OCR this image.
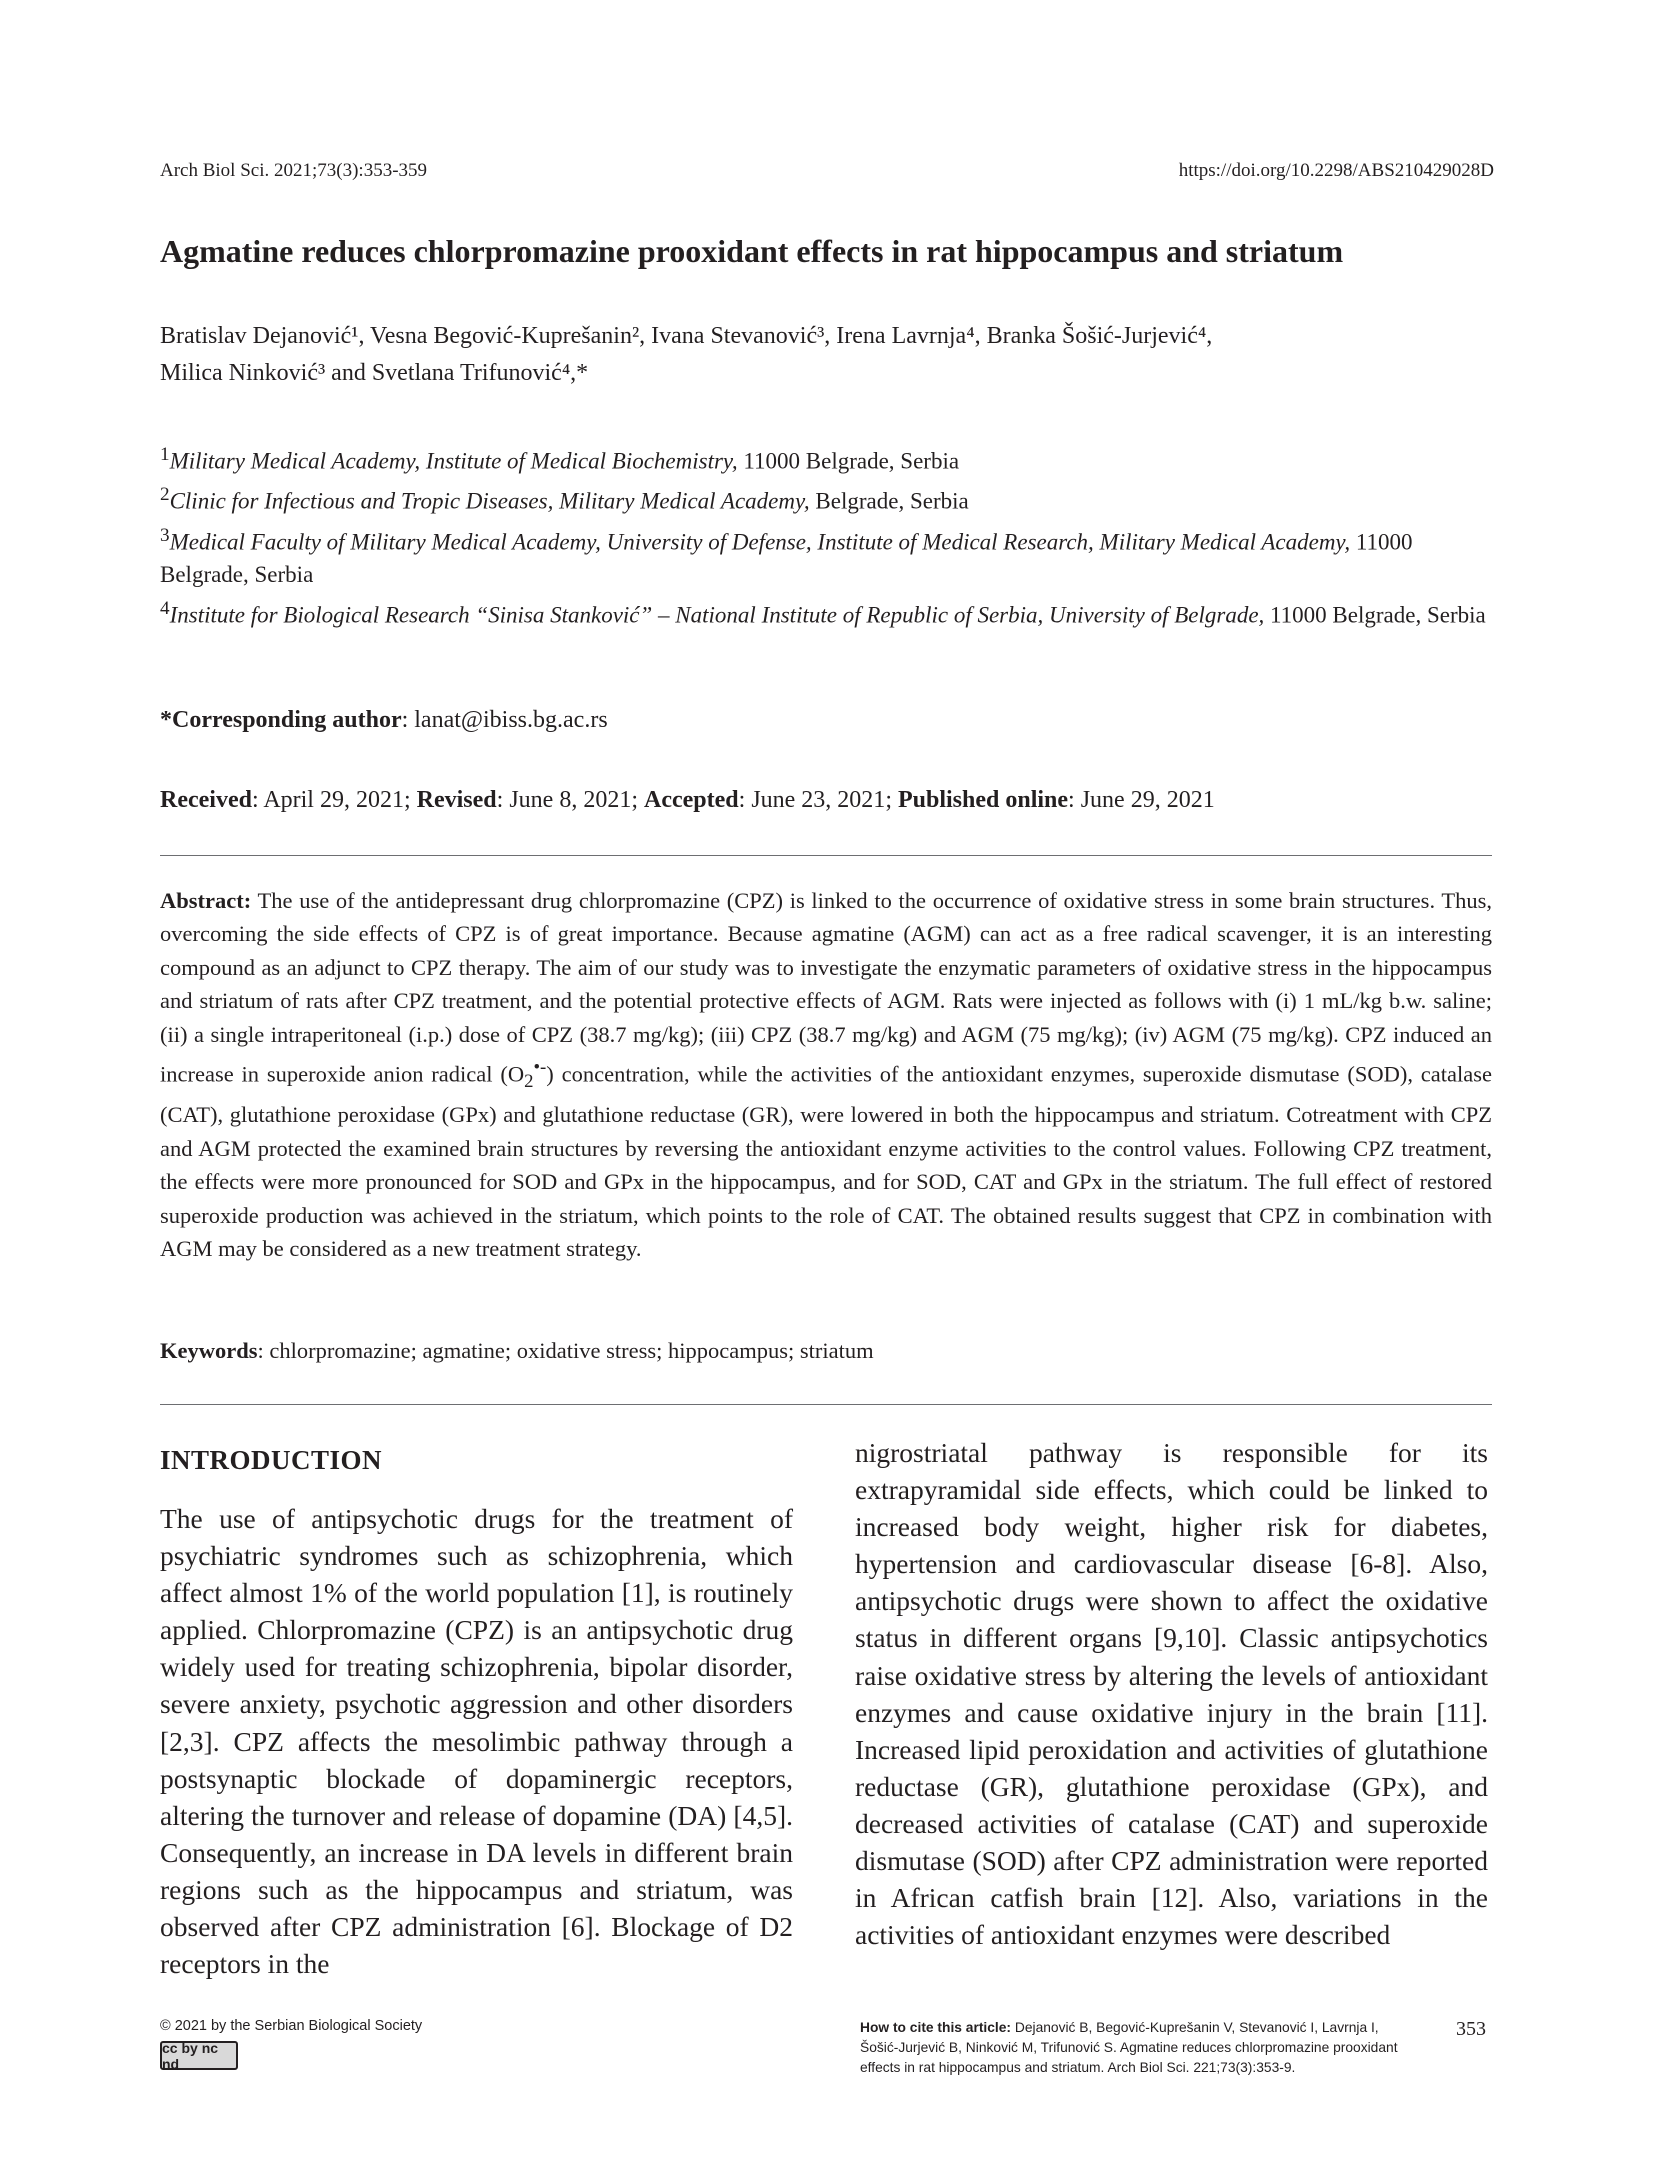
Arch Biol Sci. 2021;73(3):353-359	https://doi.org/10.2298/ABS210429028D
Agmatine reduces chlorpromazine prooxidant effects in rat hippocampus and striatum
Bratislav Dejanović¹, Vesna Begović-Kuprešanin², Ivana Stevanović³, Irena Lavrnja⁴, Branka Šošić-Jurjević⁴,
Milica Ninković³ and Svetlana Trifunović⁴,*
$^1$Military Medical Academy, Institute of Medical Biochemistry, 11000 Belgrade, Serbia
$^2$Clinic for Infectious and Tropic Diseases, Military Medical Academy, Belgrade, Serbia
$^3$Medical Faculty of Military Medical Academy, University of Defense, Institute of Medical Research, Military Medical Academy, 11000 Belgrade, Serbia
$^4$Institute for Biological Research “Sinisa Stanković” – National Institute of Republic of Serbia, University of Belgrade, 11000 Belgrade, Serbia
*Corresponding author: lanat@ibiss.bg.ac.rs
Received: April 29, 2021; Revised: June 8, 2021; Accepted: June 23, 2021; Published online: June 29, 2021
Abstract: The use of the antidepressant drug chlorpromazine (CPZ) is linked to the occurrence of oxidative stress in some brain structures. Thus, overcoming the side effects of CPZ is of great importance. Because agmatine (AGM) can act as a free radical scavenger, it is an interesting compound as an adjunct to CPZ therapy. The aim of our study was to investigate the enzymatic parameters of oxidative stress in the hippocampus and striatum of rats after CPZ treatment, and the potential protective effects of AGM. Rats were injected as follows with (i) 1 mL/kg b.w. saline; (ii) a single intraperitoneal (i.p.) dose of CPZ (38.7 mg/kg); (iii) CPZ (38.7 mg/kg) and AGM (75 mg/kg); (iv) AGM (75 mg/kg). CPZ induced an increase in superoxide anion radical $(O_2^{•-})$ concentration, while the activities of the antioxidant enzymes, superoxide dismutase (SOD), catalase (CAT), glutathione peroxidase (GPx) and glutathione reductase (GR), were lowered in both the hippocampus and striatum. Cotreatment with CPZ and AGM protected the examined brain structures by reversing the antioxidant enzyme activities to the control values. Following CPZ treatment, the effects were more pronounced for SOD and GPx in the hippocampus, and for SOD, CAT and GPx in the striatum. The full effect of restored superoxide production was achieved in the striatum, which points to the role of CAT. The obtained results suggest that CPZ in combination with AGM may be considered as a new treatment strategy.
Keywords: chlorpromazine; agmatine; oxidative stress; hippocampus; striatum
INTRODUCTION
The use of antipsychotic drugs for the treatment of psychiatric syndromes such as schizophrenia, which affect almost 1% of the world population [1], is routinely applied. Chlorpromazine (CPZ) is an antipsychotic drug widely used for treating schizophrenia, bipolar disorder, severe anxiety, psychotic aggression and other disorders [2,3]. CPZ affects the mesolimbic pathway through a postsynaptic blockade of dopaminergic receptors, altering the turnover and release of dopamine (DA) [4,5]. Consequently, an increase in DA levels in different brain regions such as the hippocampus and striatum, was observed after CPZ administration [6]. Blockage of D2 receptors in the
nigrostriatal pathway is responsible for its extrapyramidal side effects, which could be linked to increased body weight, higher risk for diabetes, hypertension and cardiovascular disease [6-8]. Also, antipsychotic drugs were shown to affect the oxidative status in different organs [9,10]. Classic antipsychotics raise oxidative stress by altering the levels of antioxidant enzymes and cause oxidative injury in the brain [11]. Increased lipid peroxidation and activities of glutathione reductase (GR), glutathione peroxidase (GPx), and decreased activities of catalase (CAT) and superoxide dismutase (SOD) after CPZ administration were reported in African catfish brain [12]. Also, variations in the activities of antioxidant enzymes were described
© 2021 by the Serbian Biological Society
cc by nc nd
How to cite this article: Dejanović B, Begović-Kuprešanin V, Stevanović I, Lavrnja I, Šošić-Jurjević B, Ninković M, Trifunović S. Agmatine reduces chlorpromazine prooxidant effects in rat hippocampus and striatum. Arch Biol Sci. 221;73(3):353-9.
353
